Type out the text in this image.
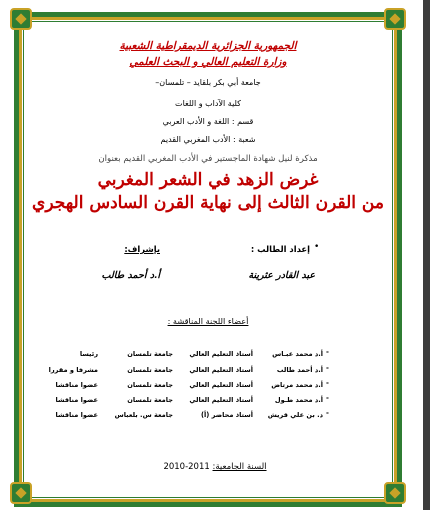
الجمهورية الجزائرية الديمقراطية الشعبية
وزارة التعليم العالي و البحث العلمي
جامعة أبي بكر بلقايد – تلمسان–
كلية الآداب و اللغات
قسم : اللغة و الأدب العربي
شعبة : الأدب المغربي القديم
مذكرة لنيل شهادة الماجستير في الأدب المغربي القديم بعنوان
غرض الزهد في الشعر المغربي
من القرن الثالث إلى نهاية القرن السادس الهجري
•
إعداد الطالب :
بإشراف:
عبد القادر عثرينة
أ.د أحمد طالب
أعضاء اللجنة المناقشة :
-
أ.د محمد عبـاس
أستاذ التعليم العالي
جامعة تلمسان
رئيسا
-
أ.د أحمد طالب
أستاذ التعليم العالي
جامعة تلمسان
مشرفا و مقررا
-
أ.د محمد مرتاض
أستاذ التعليم العالي
جامعة تلمسان
عضوا مناقشا
-
أ.د محمد طـول
أستاذ التعليم العالي
جامعة تلمسان
عضوا مناقشا
-
د. بن علي قريش
أستاذ محاضر (أ)
جامعة س. بلعباس
عضوا مناقشا
السنة الجامعية: 2010-2011
